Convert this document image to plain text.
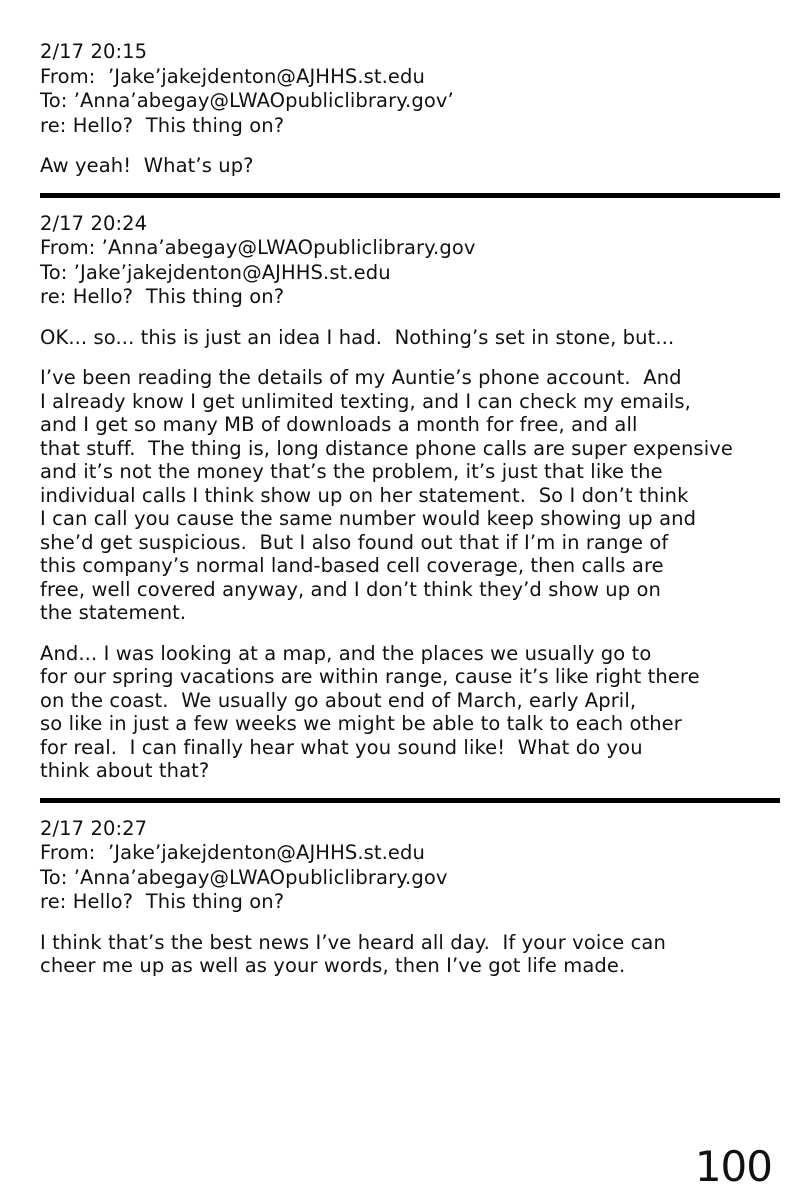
2/17 20:15
From:  ʼJakeʼjakejdenton@AJHHS.st.edu
To: ʼAnnaʼabegay@LWAOpubliclibrary.govʼ
re: Hello?  This thing on?
Aw yeah!  What’s up?
2/17 20:24
From: ʼAnnaʼabegay@LWAOpubliclibrary.gov
To: ʼJakeʼjakejdenton@AJHHS.st.edu
re: Hello?  This thing on?
OK... so... this is just an idea I had.  Nothing’s set in stone, but...
I’ve been reading the details of my Auntie’s phone account.  And
I already know I get unlimited texting, and I can check my emails,
and I get so many MB of downloads a month for free, and all
that stuff.  The thing is, long distance phone calls are super expensive
and it’s not the money that’s the problem, it’s just that like the
individual calls I think show up on her statement.  So I don’t think
I can call you cause the same number would keep showing up and
she’d get suspicious.  But I also found out that if I’m in range of
this company’s normal land-based cell coverage, then calls are
free, well covered anyway, and I don’t think they’d show up on
the statement.
And... I was looking at a map, and the places we usually go to
for our spring vacations are within range, cause it’s like right there
on the coast.  We usually go about end of March, early April,
so like in just a few weeks we might be able to talk to each other
for real.  I can finally hear what you sound like!  What do you
think about that?
2/17 20:27
From:  ʼJakeʼjakejdenton@AJHHS.st.edu
To: ʼAnnaʼabegay@LWAOpubliclibrary.gov
re: Hello?  This thing on?
I think that’s the best news I’ve heard all day.  If your voice can
cheer me up as well as your words, then I’ve got life made.
100
